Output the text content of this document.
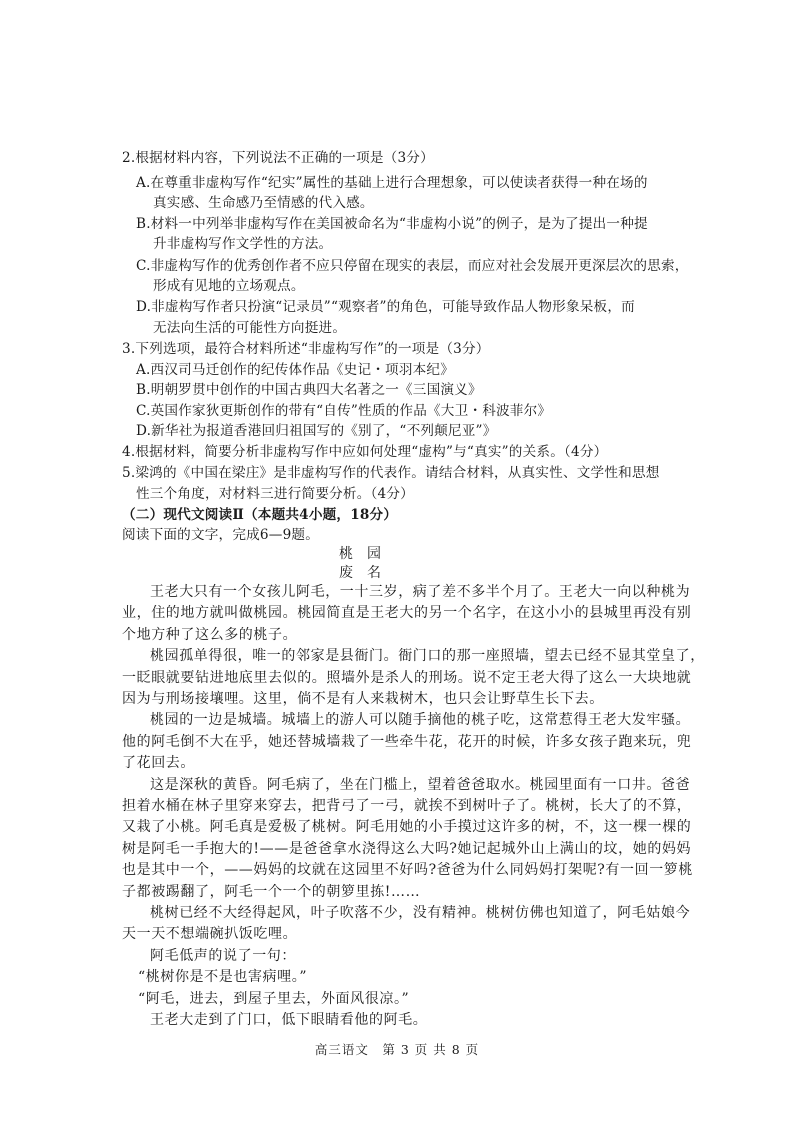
2.根据材料内容，下列说法不正确的一项是（3分）
A.在尊重非虚构写作“纪实”属性的基础上进行合理想象，可以使读者获得一种在场的
真实感、生命感乃至情感的代入感。
B.材料一中列举非虚构写作在美国被命名为“非虚构小说”的例子，是为了提出一种提
升非虚构写作文学性的方法。
C.非虚构写作的优秀创作者不应只停留在现实的表层，而应对社会发展开更深层次的思索，
形成有见地的立场观点。
D.非虚构写作者只扮演“记录员”“观察者”的角色，可能导致作品人物形象呆板，而
无法向生活的可能性方向挺进。
3.下列选项，最符合材料所述“非虚构写作”的一项是（3分）
A.西汉司马迁创作的纪传体作品《史记・项羽本纪》
B.明朝罗贯中创作的中国古典四大名著之一《三国演义》
C.英国作家狄更斯创作的带有“自传”性质的作品《大卫・科波菲尔》
D.新华社为报道香港回归祖国写的《别了，“不列颠尼亚”》
4.根据材料，简要分析非虚构写作中应如何处理“虚构”与“真实”的关系。（4分）
5.梁鸿的《中国在梁庄》是非虚构写作的代表作。请结合材料，从真实性、文学性和思想
性三个角度，对材料三进行简要分析。（4分）
（二）现代文阅读Ⅱ（本题共4小题，18分）
阅读下面的文字，完成6—9题。
桃园
废名
王老大只有一个女孩儿阿毛，一十三岁，病了差不多半个月了。王老大一向以种桃为
业，住的地方就叫做桃园。桃园简直是王老大的另一个名字，在这小小的县城里再没有别
个地方种了这么多的桃子。
桃园孤单得很，唯一的邻家是县衙门。衙门口的那一座照墙，望去已经不显其堂皇了，
一眨眼就要钻进地底里去似的。照墙外是杀人的刑场。说不定王老大得了这么一大块地就
因为与刑场接壤哩。这里，倘不是有人来栽树木，也只会让野草生长下去。
桃园的一边是城墙。城墙上的游人可以随手摘他的桃子吃，这常惹得王老大发牢骚。
他的阿毛倒不大在乎，她还替城墙栽了一些牵牛花，花开的时候，许多女孩子跑来玩，兜
了花回去。
这是深秋的黄昏。阿毛病了，坐在门槛上，望着爸爸取水。桃园里面有一口井。爸爸
担着水桶在林子里穿来穿去，把背弓了一弓，就挨不到树叶子了。桃树，长大了的不算，
又栽了小桃。阿毛真是爱极了桃树。阿毛用她的小手摸过这许多的树，不，这一棵一棵的
树是阿毛一手抱大的!——是爸爸拿水浇得这么大吗?她记起城外山上满山的坟，她的妈妈
也是其中一个，——妈妈的坟就在这园里不好吗?爸爸为什么同妈妈打架呢?有一回一箩桃
子都被踢翻了，阿毛一个一个的朝箩里拣!……
桃树已经不大经得起风，叶子吹落不少，没有精神。桃树仿佛也知道了，阿毛姑娘今
天一天不想端碗扒饭吃哩。
阿毛低声的说了一句：
“桃树你是不是也害病哩。”
“阿毛，进去，到屋子里去，外面风很凉。”
王老大走到了门口，低下眼睛看他的阿毛。
高三语文　第 3 页 共 8 页
